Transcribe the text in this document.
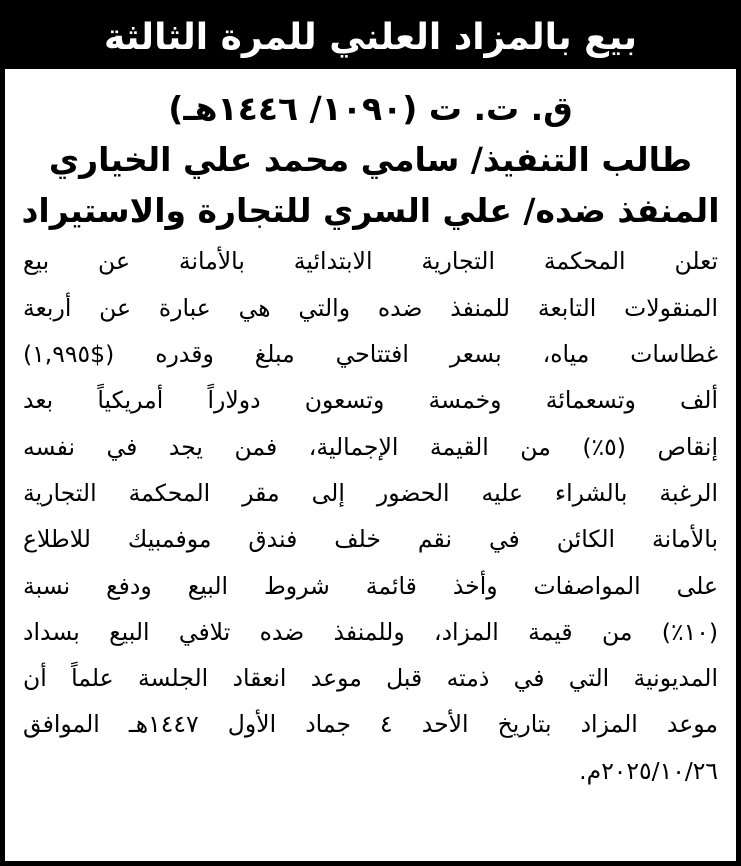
بيع بالمزاد العلني للمرة الثالثة

ق. ت. ت (١٠٩٠/ ١٤٤٦هـ)

طالب التنفيذ/ سامي محمد علي الخياري

المنفذ ضده/ علي السري للتجارة والاستيراد

تعلن المحكمة التجارية الابتدائية بالأمانة عن بيع
المنقولات التابعة للمنفذ ضده والتي هي عبارة عن أربعة
غطاسات مياه، بسعر افتتاحي مبلغ وقدره ($١,٩٩٥)
ألف وتسعمائة وخمسة وتسعون دولاراً أمريكياً بعد
إنقاص (٥٪) من القيمة الإجمالية، فمن يجد في نفسه
الرغبة بالشراء عليه الحضور إلى مقر المحكمة التجارية
بالأمانة الكائن في نقم خلف فندق موفمبيك للاطلاع
على المواصفات وأخذ قائمة شروط البيع ودفع نسبة
(١٠٪) من قيمة المزاد، وللمنفذ ضده تلافي البيع بسداد
المديونية التي في ذمته قبل موعد انعقاد الجلسة علماً أن
موعد المزاد بتاريخ الأحد ٤ جماد الأول ١٤٤٧هـ الموافق
٢٠٢٥/١٠/٢٦م.
